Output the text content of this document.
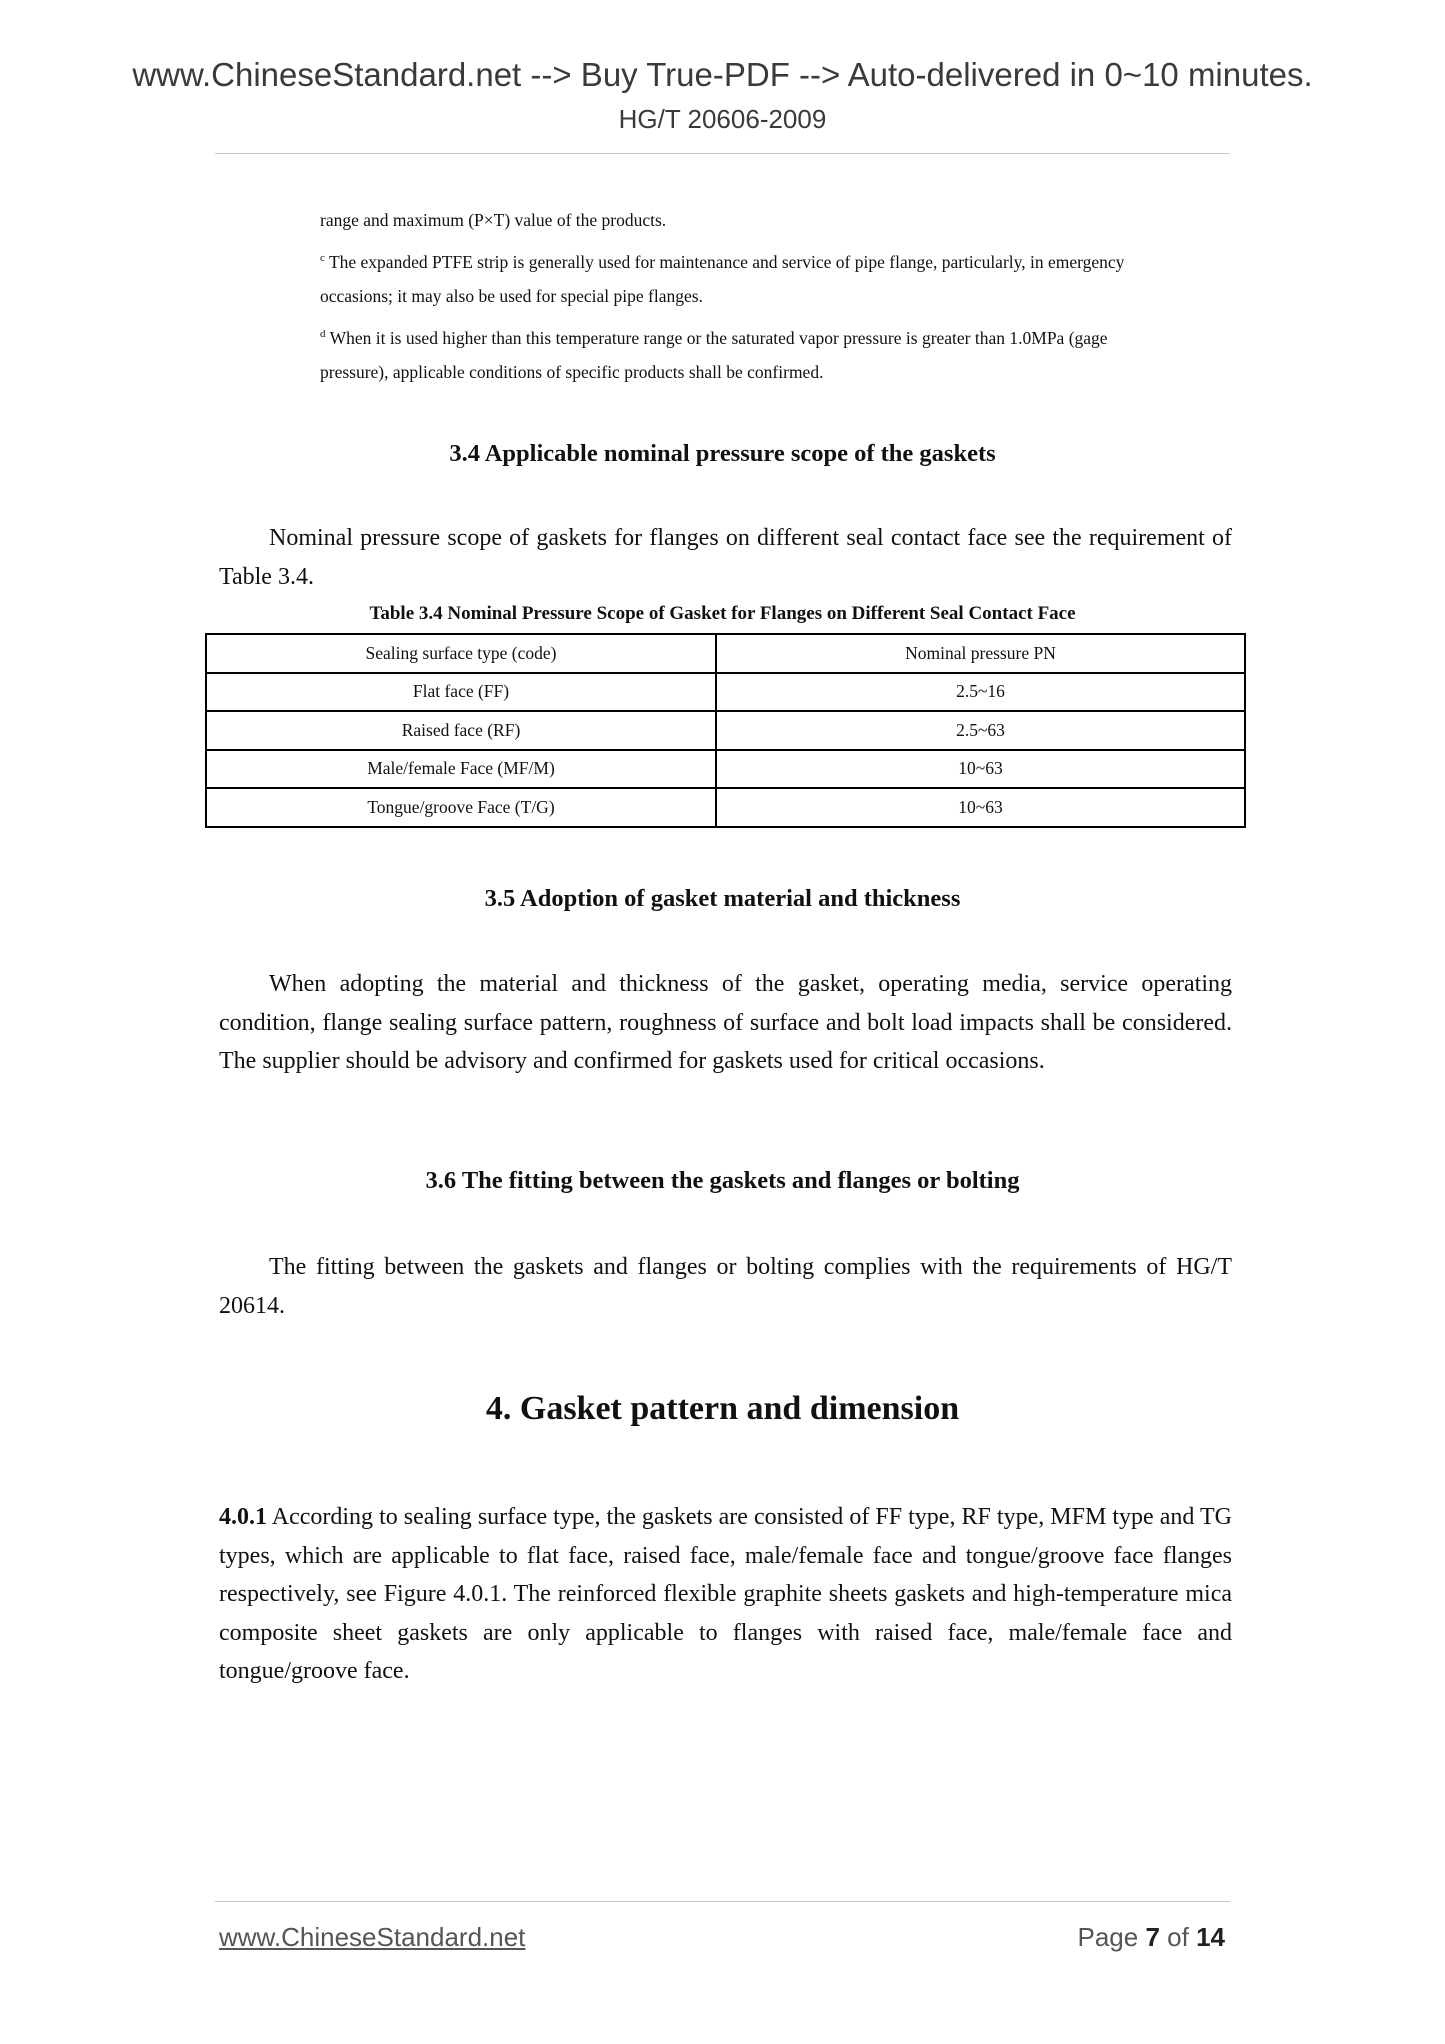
www.ChineseStandard.net --> Buy True-PDF --> Auto-delivered in 0~10 minutes.
HG/T 20606-2009
range and maximum (P×T) value of the products.
$^c$ The expanded PTFE strip is generally used for maintenance and service of pipe flange, particularly, in emergency
occasions; it may also be used for special pipe flanges.
$^d$ When it is used higher than this temperature range or the saturated vapor pressure is greater than 1.0MPa (gage
pressure), applicable conditions of specific products shall be confirmed.
3.4 Applicable nominal pressure scope of the gaskets

Nominal pressure scope of gaskets for flanges on different seal contact face see the requirement of Table 3.4.

Table 3.4 Nominal Pressure Scope of Gasket for Flanges on Different Seal Contact Face
Sealing surface type (code)	Nominal pressure PN
Flat face (FF)	2.5~16
Raised face (RF)	2.5~63
Male/female Face (MF/M)	10~63
Tongue/groove Face (T/G)	10~63
3.5 Adoption of gasket material and thickness

When adopting the material and thickness of the gasket, operating media, service operating condition, flange sealing surface pattern, roughness of surface and bolt load impacts shall be considered. The supplier should be advisory and confirmed for gaskets used for critical occasions.

3.6 The fitting between the gaskets and flanges or bolting

The fitting between the gaskets and flanges or bolting complies with the requirements of HG/T 20614.

4. Gasket pattern and dimension

4.0.1 According to sealing surface type, the gaskets are consisted of FF type, RF type, MFM type and TG types, which are applicable to flat face, raised face, male/female face and tongue/groove face flanges respectively, see Figure 4.0.1. The reinforced flexible graphite sheets gaskets and high-temperature mica composite sheet gaskets are only applicable to flanges with raised face, male/female face and tongue/groove face.

www.ChineseStandard.net	Page 7 of 14
